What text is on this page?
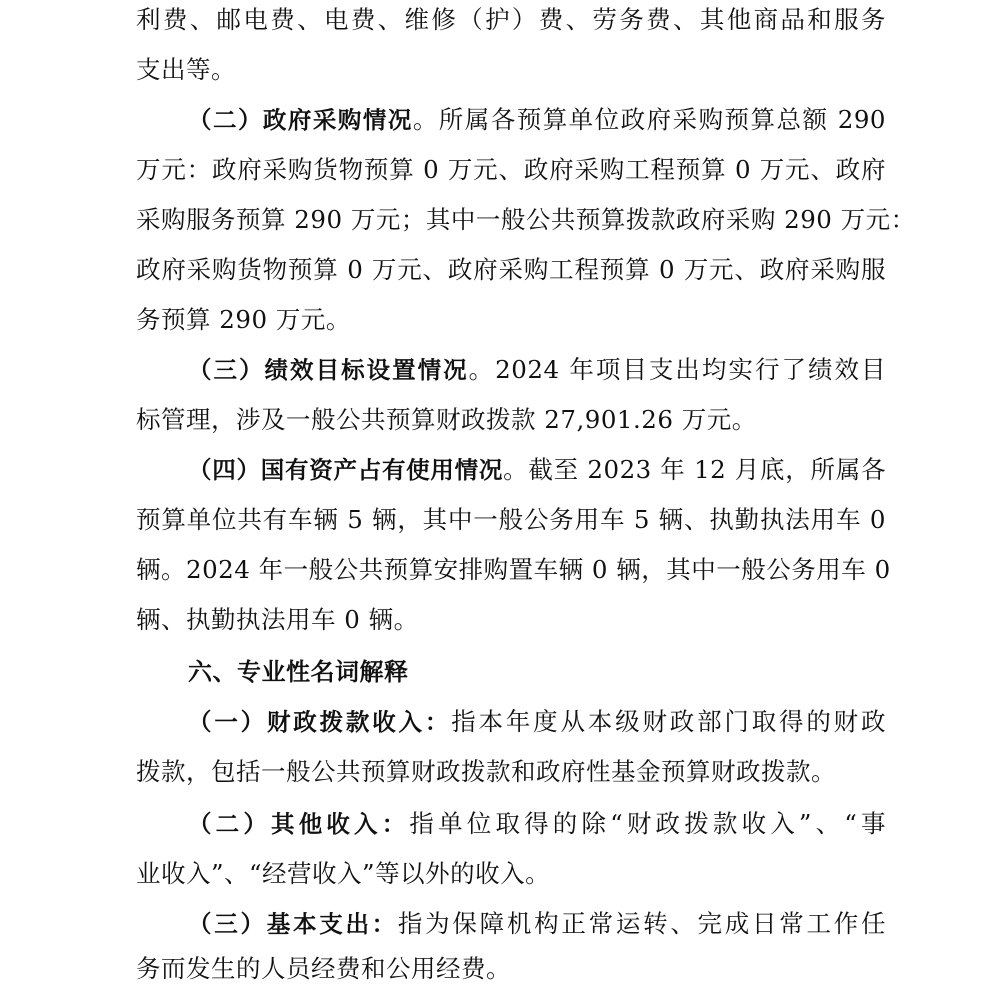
利费、邮电费、电费、维修（护）费、劳务费、其他商品和服务
支出等。
（二）政府采购情况。所属各预算单位政府采购预算总额 290
万元：政府采购货物预算 0 万元、政府采购工程预算 0 万元、政府
采购服务预算 290 万元；其中一般公共预算拨款政府采购 290 万元：
政府采购货物预算 0 万元、政府采购工程预算 0 万元、政府采购服
务预算 290 万元。
（三）绩效目标设置情况。2024 年项目支出均实行了绩效目
标管理，涉及一般公共预算财政拨款 27,901.26 万元。
（四）国有资产占有使用情况。截至 2023 年 12 月底，所属各
预算单位共有车辆 5 辆，其中一般公务用车 5 辆、执勤执法用车 0
辆。2024 年一般公共预算安排购置车辆 0 辆，其中一般公务用车 0
辆、执勤执法用车 0 辆。
六、专业性名词解释
（一）财政拨款收入：指本年度从本级财政部门取得的财政
拨款，包括一般公共预算财政拨款和政府性基金预算财政拨款。
（二）其他收入：指单位取得的除“财政拨款收入”、“事
业收入”、“经营收入”等以外的收入。
（三）基本支出：指为保障机构正常运转、完成日常工作任
务而发生的人员经费和公用经费。
